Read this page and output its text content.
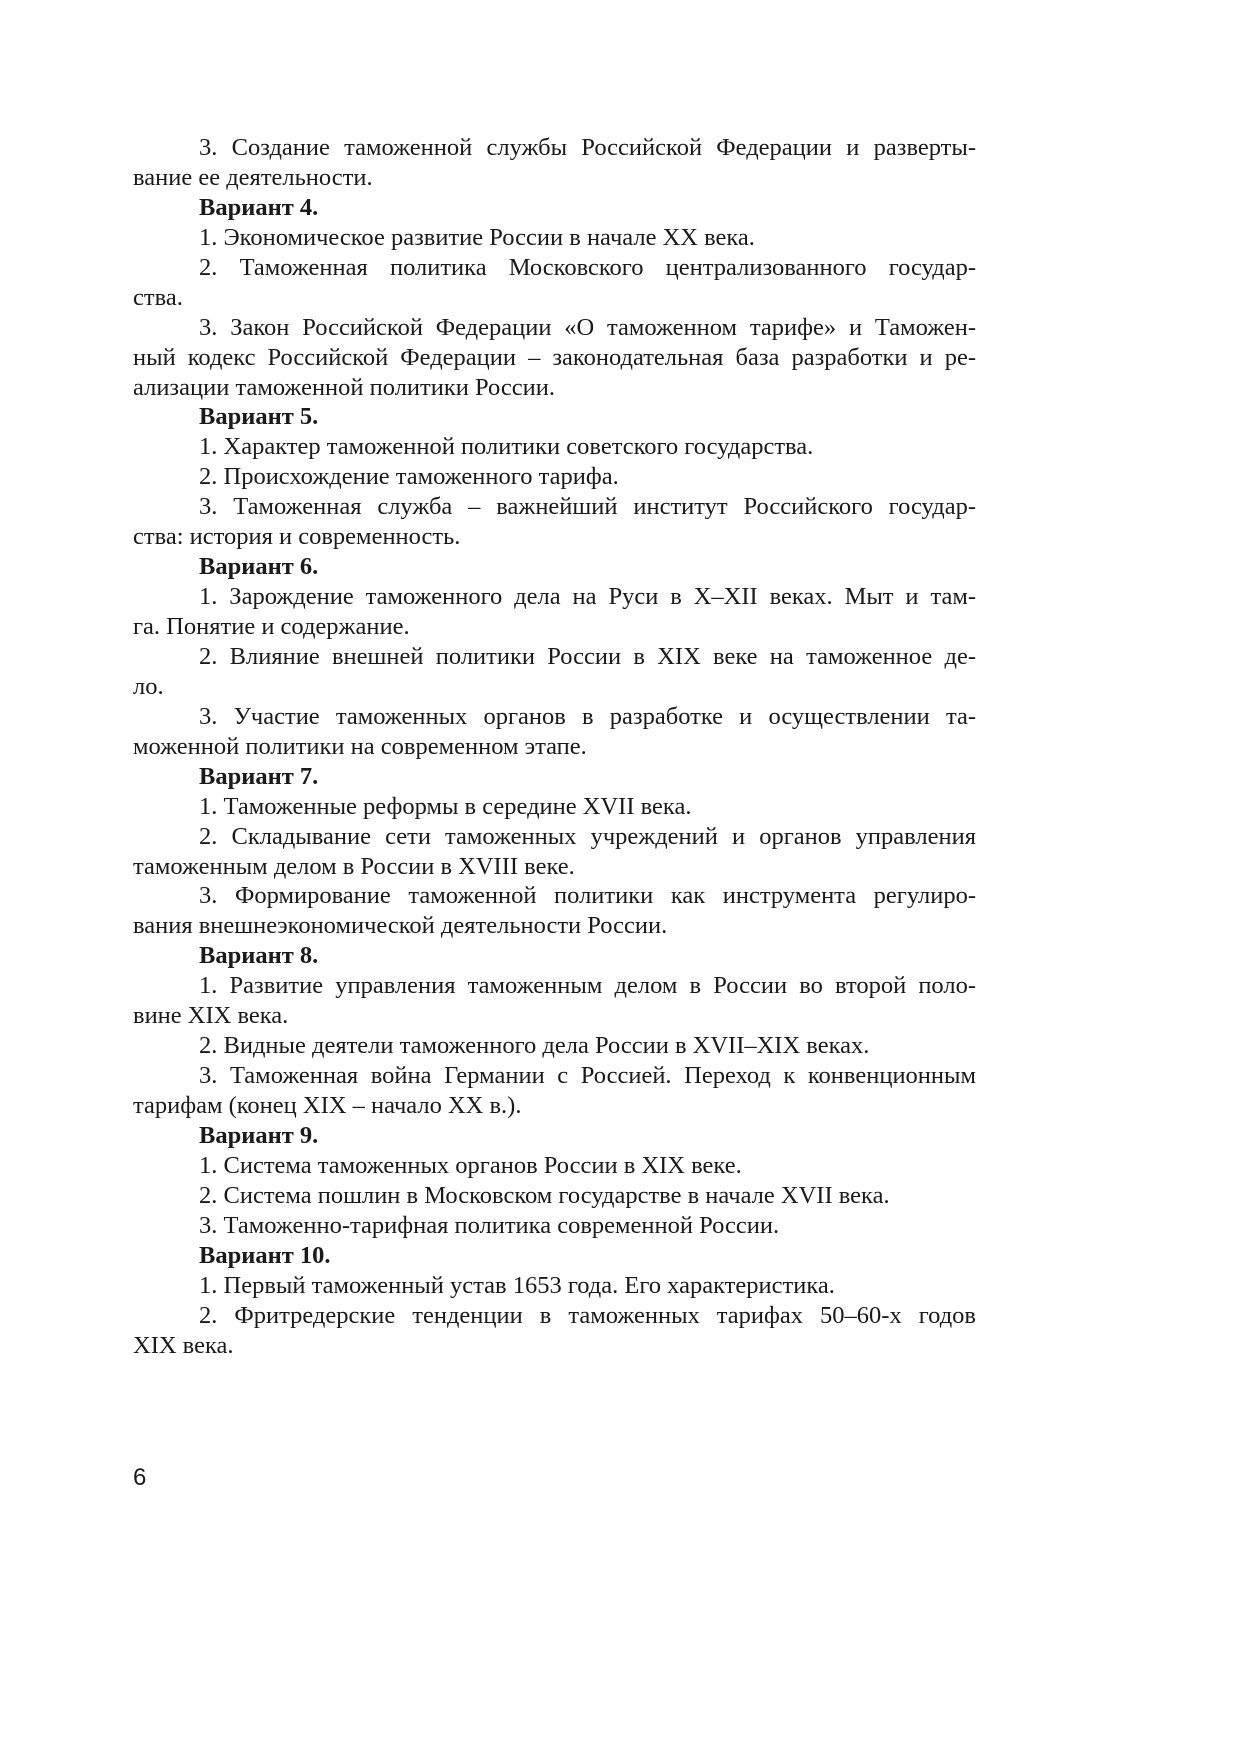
3. Создание таможенной службы Российской Федерации и разверты-
вание ее деятельности.
Вариант 4.
1. Экономическое развитие России в начале XX века.
2. Таможенная политика Московского централизованного государ-
ства.
3. Закон Российской Федерации «О таможенном тарифе» и Таможен-
ный кодекс Российской Федерации – законодательная база разработки и ре-
ализации таможенной политики России.
Вариант 5.
1. Характер таможенной политики советского государства.
2. Происхождение таможенного тарифа.
3. Таможенная служба – важнейший институт Российского государ-
ства: история и современность.
Вариант 6.
1. Зарождение таможенного дела на Руси в X–XII веках. Мыт и там-
га. Понятие и содержание.
2. Влияние внешней политики России в XIX веке на таможенное де-
ло.
3. Участие таможенных органов в разработке и осуществлении та-
моженной политики на современном этапе.
Вариант 7.
1. Таможенные реформы в середине XVII века.
2. Складывание сети таможенных учреждений и органов управления
таможенным делом в России в XVIII веке.
3. Формирование таможенной политики как инструмента регулиро-
вания внешнеэкономической деятельности России.
Вариант 8.
1. Развитие управления таможенным делом в России во второй поло-
вине XIX века.
2. Видные деятели таможенного дела России в XVII–XIX веках.
3. Таможенная война Германии с Россией. Переход к конвенционным
тарифам (конец XIX – начало XX в.).
Вариант 9.
1. Система таможенных органов России в XIX веке.
2. Система пошлин в Московском государстве в начале XVII века.
3. Таможенно-тарифная политика современной России.
Вариант 10.
1. Первый таможенный устав 1653 года. Его характеристика.
2. Фритредерские тенденции в таможенных тарифах 50–60-х годов
XIX века.
6
